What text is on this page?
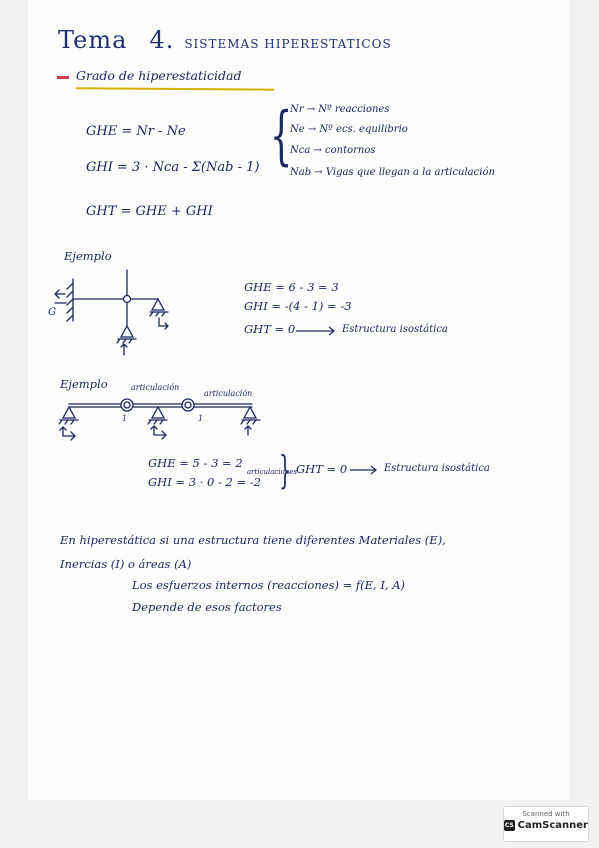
Tema 4. SISTEMAS HIPERESTATICOS
Grado de hiperestaticidad
GHE = Nr - Ne
GHI = 3 · Nca - Σ(Nab - 1)
GHT = GHE + GHI
{
Nr → Nº reacciones
Ne → Nº ecs. equilibrio
Nca → contornos
Nab → Vigas que llegan a la articulación
Ejemplo
G
GHE = 6 - 3 = 3
GHI = -(4 - 1) = -3
GHT = 0	Estructura isostática
Ejemplo	articulación
articulación
1	1
GHE = 5 - 3 = 2
GHI = 3 · 0 - 2 = -2
articulaciones
} GHT = 0	Estructura isostática
En hiperestática si una estructura tiene diferentes Materiales (E),
Inercias (I) o áreas (A)
Los esfuerzos internos (reacciones) = f(E, I, A)
Depende de esos factores
Scanned with
CS CamScanner
